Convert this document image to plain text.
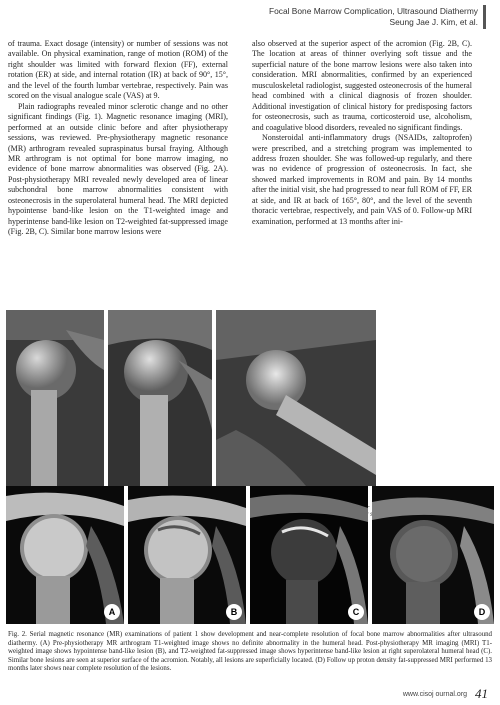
Focal Bone Marrow Complication, Ultrasound Diathermy
Seung Jae J. Kim, et al.

of trauma. Exact dosage (intensity) or number of sessions was not available. On physical examination, range of motion (ROM) of the right shoulder was limited with forward flexion (FF), external rotation (ER) at side, and internal rotation (IR) at back of 90°, 15°, and the level of the fourth lumbar vertebrae, respectively. Pain was scored on the visual analogue scale (VAS) at 9.

Plain radiographs revealed minor sclerotic change and no other significant findings (Fig. 1). Magnetic resonance imaging (MRI), performed at an outside clinic before and after physiotherapy sessions, was reviewed. Pre-physiotherapy magnetic resonance (MR) arthrogram revealed supraspinatus bursal fraying. Although MR arthrogram is not optimal for bone marrow imaging, no evidence of bone marrow abnormalities was observed (Fig. 2A). Post-physiotherapy MRI revealed newly developed area of linear subchondral bone marrow abnormalities consistent with osteonecrosis in the superolateral humeral head. The MRI depicted hypointense band-like lesion on the T1-weighted image and hyperintense band-like lesion on T2-weighted fat-suppressed image (Fig. 2B, C). Similar bone marrow lesions were

also observed at the superior aspect of the acromion (Fig. 2B, C). The location at areas of thinner overlying soft tissue and the superficial nature of the bone marrow lesions were also taken into consideration. MRI abnormalities, confirmed by an experienced musculoskeletal radiologist, suggested osteonecrosis of the humeral head combined with a clinical diagnosis of frozen shoulder. Additional investigation of clinical history for predisposing factors for osteonecrosis, such as trauma, corticosteroid use, alcoholism, and coagulative blood disorders, revealed no significant findings.

Nonsteroidal anti-inflammatory drugs (NSAIDs, zaltoprofen) were prescribed, and a stretching program was implemented to address frozen shoulder. She was followed-up regularly, and there was no evidence of progression of osteonecrosis. In fact, she showed marked improvements in ROM and pain. By 14 months after the initial visit, she had progressed to near full ROM of FF, ER at side, and IR at back of 165°, 80°, and the level of the seventh thoracic vertebrae, respectively, and pain VAS of 0. Follow-up MRI examination, performed at 13 months after ini-

A	B	C	D
Fig. 2. Serial magnetic resonance (MR) examinations of patient 1 show development and near-complete resolution of focal bone marrow abnormalities after ultrasound diathermy. (A) Pre-physiotherapy MR arthrogram T1-weighted image shows no definite abnormality in the humeral head. Post-physiotherapy MR imaging (MRI) T1-weighted image shows hypointense band-like lesion (B), and T2-weighted fat-suppressed image shows hyperintense band-like lesion at right superolateral humeral head (C). Similar bone lesions are seen at superior surface of the acromion. Notably, all lesions are superficially located. (D) Follow up proton density fat-suppressed MRI performed 13 months later shows near complete resolution of the lesions.
www.cisoj ournal.org 41
